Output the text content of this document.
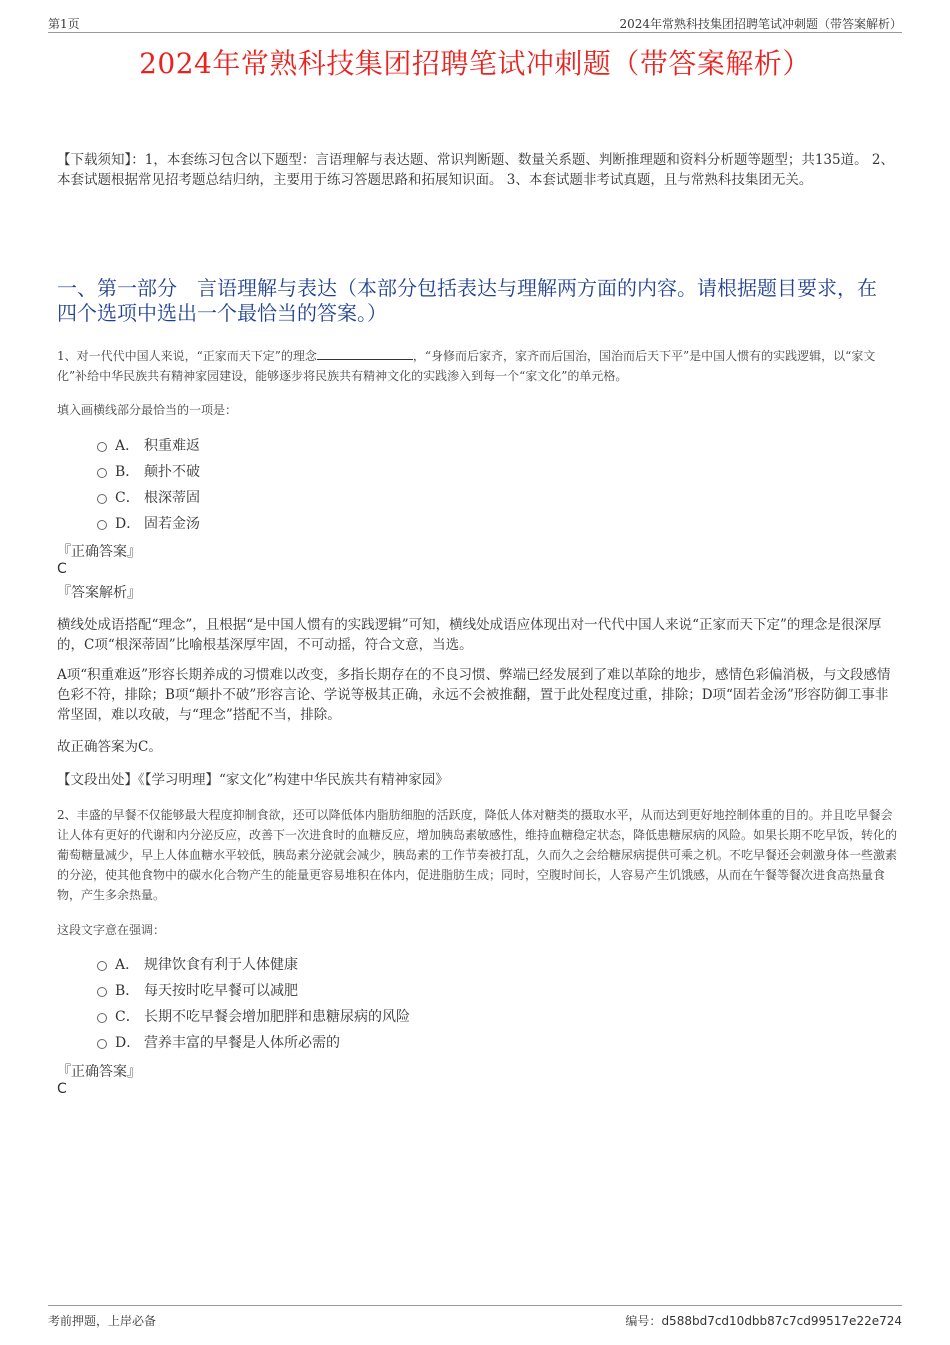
第1页	2024年常熟科技集团招聘笔试冲刺题（带答案解析）
2024年常熟科技集团招聘笔试冲刺题（带答案解析）
【下载须知】：1，本套练习包含以下题型：言语理解与表达题、常识判断题、数量关系题、判断推理题和资料分析题等题型；共135道。 2、本套试题根据常见招考题总结归纳，主要用于练习答题思路和拓展知识面。 3、本套试题非考试真题，且与常熟科技集团无关。
一、第一部分　言语理解与表达（本部分包括表达与理解两方面的内容。请根据题目要求，在四个选项中选出一个最恰当的答案。）
1、对一代代中国人来说，“正家而天下定”的理念	，“身修而后家齐，家齐而后国治，国治而后天下平”是中国人惯有的实践逻辑，以“家文化”补给中华民族共有精神家园建设，能够逐步将民族共有精神文化的实践渗入到每一个“家文化”的单元格。
填入画横线部分最恰当的一项是：
A． 积重难返
B． 颠扑不破
C． 根深蒂固
D． 固若金汤
『正确答案』
C
『答案解析』
横线处成语搭配“理念”，且根据“是中国人惯有的实践逻辑”可知，横线处成语应体现出对一代代中国人来说“正家而天下定”的理念是很深厚的，C项“根深蒂固”比喻根基深厚牢固，不可动摇，符合文意，当选。
A项“积重难返”形容长期养成的习惯难以改变，多指长期存在的不良习惯、弊端已经发展到了难以革除的地步，感情色彩偏消极，与文段感情色彩不符，排除；B项“颠扑不破”形容言论、学说等极其正确，永远不会被推翻，置于此处程度过重，排除；D项“固若金汤”形容防御工事非常坚固，难以攻破，与“理念”搭配不当，排除。
故正确答案为C。
【文段出处】《【学习明理】“家文化”构建中华民族共有精神家园》
2、丰盛的早餐不仅能够最大程度抑制食欲，还可以降低体内脂肪细胞的活跃度，降低人体对糖类的摄取水平，从而达到更好地控制体重的目的。并且吃早餐会让人体有更好的代谢和内分泌反应，改善下一次进食时的血糖反应，增加胰岛素敏感性，维持血糖稳定状态，降低患糖尿病的风险。如果长期不吃早饭，转化的葡萄糖量减少，早上人体血糖水平较低，胰岛素分泌就会减少，胰岛素的工作节奏被打乱，久而久之会给糖尿病提供可乘之机。不吃早餐还会刺激身体一些激素的分泌，使其他食物中的碳水化合物产生的能量更容易堆积在体内，促进脂肪生成；同时，空腹时间长，人容易产生饥饿感，从而在午餐等餐次进食高热量食物，产生多余热量。
这段文字意在强调：
A． 规律饮食有利于人体健康
B． 每天按时吃早餐可以减肥
C． 长期不吃早餐会增加肥胖和患糖尿病的风险
D． 营养丰富的早餐是人体所必需的
『正确答案』
C
考前押题，上岸必备	编号：d588bd7cd10dbb87c7cd99517e22e724
